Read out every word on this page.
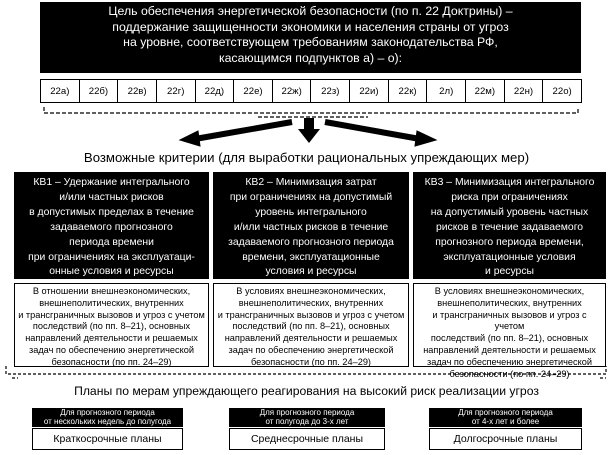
Цель обеспечения энергетической безопасности (по п. 22 Доктрины) –
поддержание защищенности экономики и населения страны от угроз
на уровне, соответствующем требованиям законодательства РФ,
касающимся подпунктов а) – о):
22а)	22б)	22в)	22г)	22д)	22е)	22ж)	22з)	22и)	22к)	2л)	22м)	22н)	22о)
Возможные критерии (для выработки рациональных упреждающих мер)
КВ1 – Удержание интегрального
и/или частных рисков
в допустимых пределах в течение
задаваемого прогнозного
периода времени
при ограничениях на эксплуатаци-
онные условия и ресурсы
В отношении внешнеэкономических,
внешнеполитических, внутренних
и трансграничных вызовов и угроз с учетом
последствий (по пп. 8–21), основных
направлений деятельности и решаемых
задач по обеспечению энергетической
безопасности (по пп. 24–29)
КВ2 – Минимизация затрат
при ограничениях на допустимый
уровень интегрального
и/или частных рисков в течение
задаваемого прогнозного периода
времени, эксплуатационные
условия и ресурсы
В условиях внешнеэкономических,
внешнеполитических, внутренних
и трансграничных вызовов и угроз с учетом
последствий (по пп. 8–21), основных
направлений деятельности и решаемых
задач по обеспечению энергетической
безопасности (по пп. 24–29)
КВ3 – Минимизация интегрального
риска при ограничениях
на допустимый уровень частных
рисков в течение задаваемого
прогнозного периода времени,
эксплуатационные условия
и ресурсы
В условиях внешнеэкономических,
внешнеполитических, внутренних
и трансграничных вызовов и угроз с учетом
последствий (по пп. 8–21), основных
направлений деятельности и решаемых
задач по обеспечению энергетической
безопасности (по пп. 24–29)
Планы по мерам упреждающего реагирования на высокий риск реализации угроз
Для прогнозного периода
от нескольких недель до полугода
Краткосрочные планы
Для прогнозного периода
от полугода до 3-х лет
Среднесрочные планы
Для прогнозного периода
от 4-х лет и более
Долгосрочные планы
